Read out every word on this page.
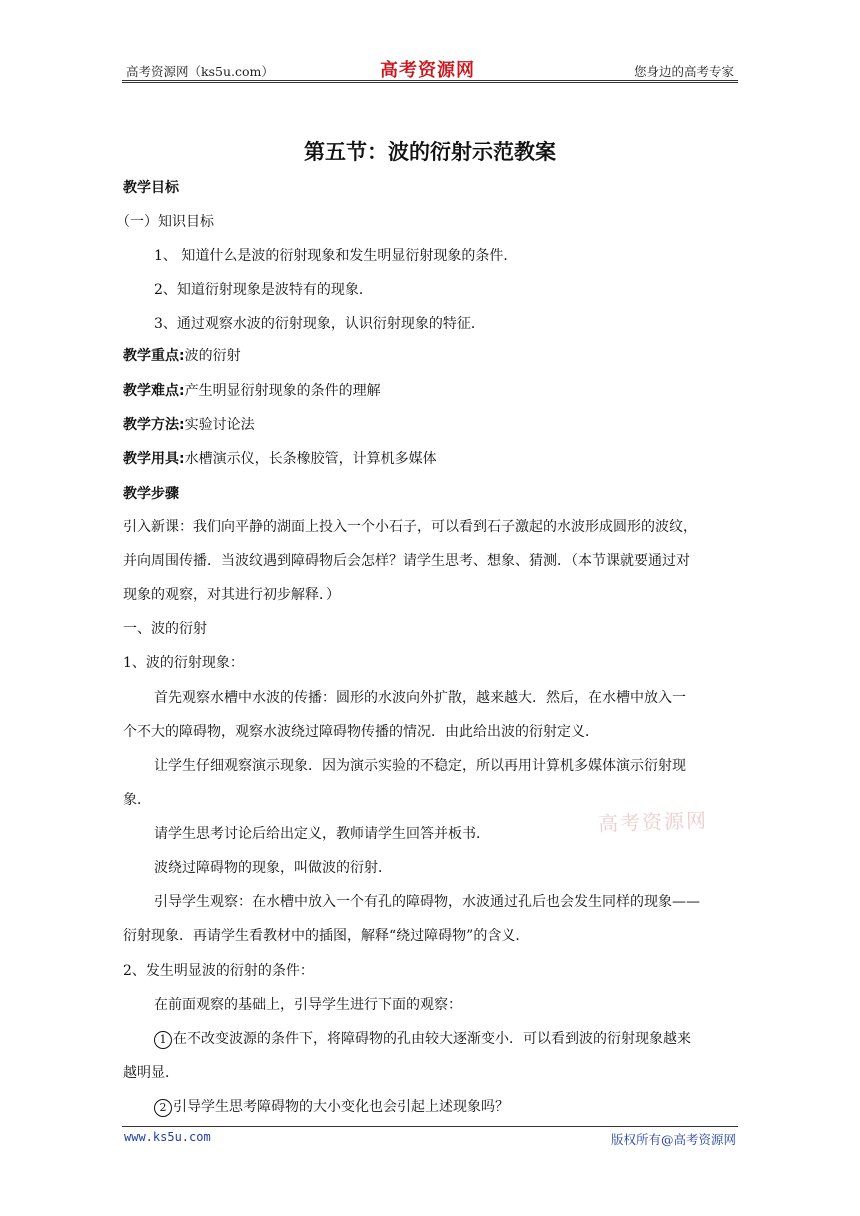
高考资源网（ks5u.com）	高考资源网	您身边的高考专家
第五节：波的衍射示范教案
教学目标
（一）知识目标
1、 知道什么是波的衍射现象和发生明显衍射现象的条件．
2、知道衍射现象是波特有的现象．
3、通过观察水波的衍射现象，认识衍射现象的特征．
教学重点:波的衍射
教学难点:产生明显衍射现象的条件的理解
教学方法:实验讨论法
教学用具:水槽演示仪，长条橡胶管，计算机多媒体
教学步骤
引入新课：我们向平静的湖面上投入一个小石子，可以看到石子激起的水波形成圆形的波纹，
并向周围传播．当波纹遇到障碍物后会怎样？请学生思考、想象、猜测．（本节课就要通过对
现象的观察，对其进行初步解释．）
一、波的衍射
1、波的衍射现象：
首先观察水槽中水波的传播：圆形的水波向外扩散，越来越大．然后，在水槽中放入一
个不大的障碍物，观察水波绕过障碍物传播的情况．由此给出波的衍射定义．
让学生仔细观察演示现象．因为演示实验的不稳定，所以再用计算机多媒体演示衍射现
象．
请学生思考讨论后给出定义，教师请学生回答并板书．
波绕过障碍物的现象，叫做波的衍射．
引导学生观察：在水槽中放入一个有孔的障碍物，水波通过孔后也会发生同样的现象——
衍射现象．再请学生看教材中的插图，解释“绕过障碍物”的含义．
2、发生明显波的衍射的条件：
在前面观察的基础上，引导学生进行下面的观察：
1 在不改变波源的条件下，将障碍物的孔由较大逐渐变小．可以看到波的衍射现象越来
越明显．
2 引导学生思考障碍物的大小变化也会引起上述现象吗？
高考资源网
www.ks5u.com	版权所有@高考资源网
